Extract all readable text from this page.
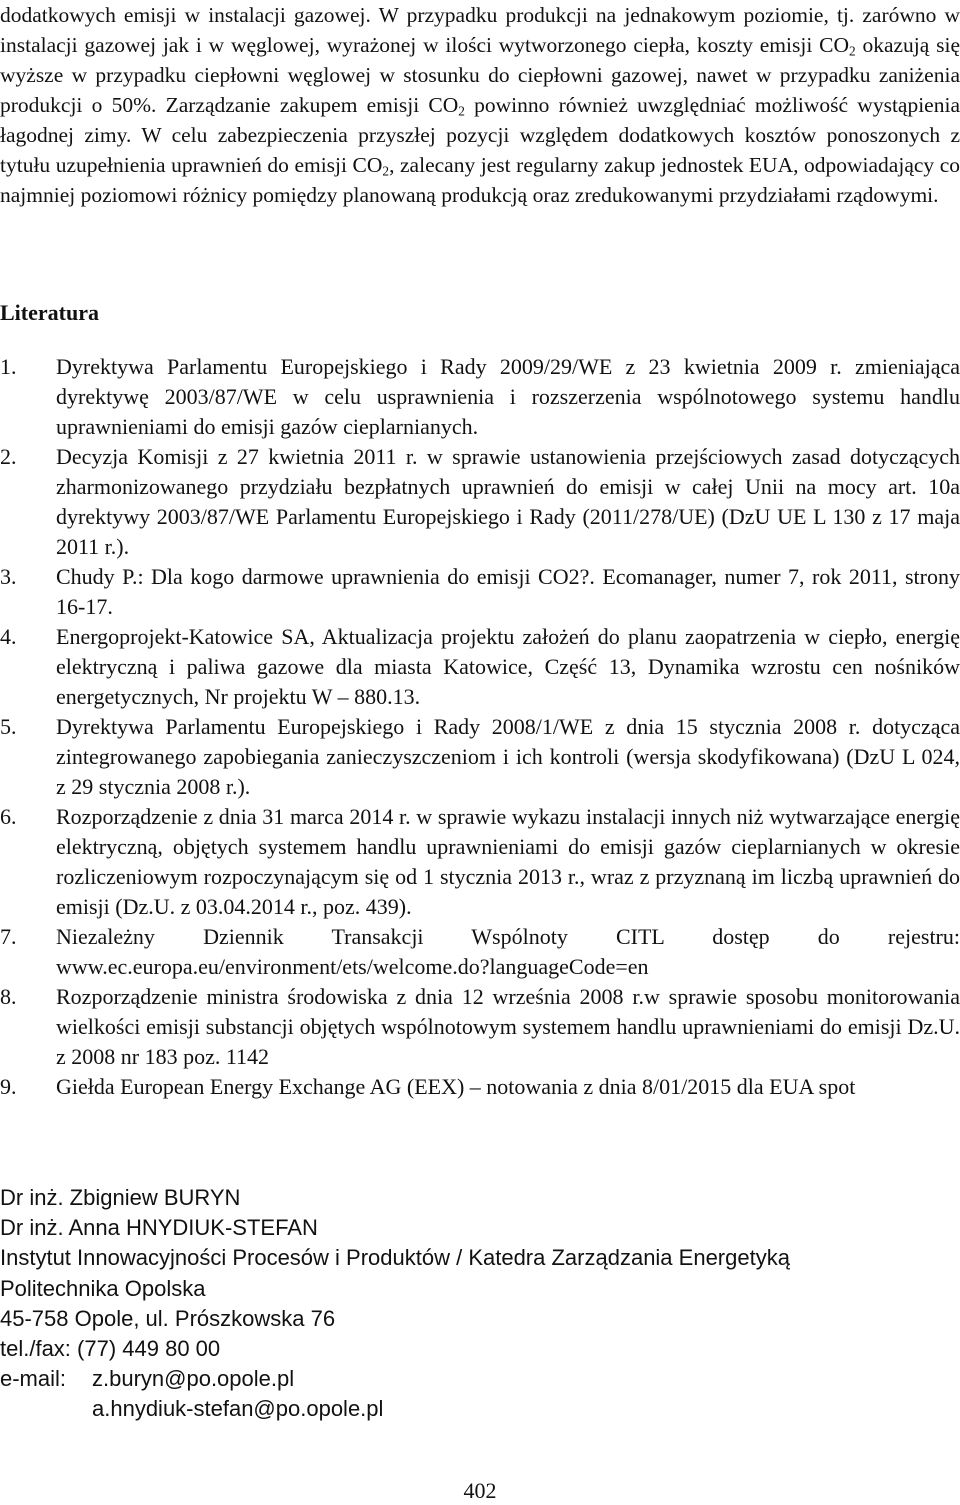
dodatkowych emisji w instalacji gazowej. W przypadku produkcji na jednakowym poziomie, tj. zarówno w instalacji gazowej jak i w węglowej, wyrażonej w ilości wytworzonego ciepła, koszty emisji $CO_2$ okazują się wyższe w przypadku ciepłowni węglowej w stosunku do ciepłowni gazowej, nawet w przypadku zaniżenia produkcji o 50%. Zarządzanie zakupem emisji $CO_2$ powinno również uwzględniać możliwość wystąpienia łagodnej zimy. W celu zabezpieczenia przyszłej pozycji względem dodatkowych kosztów ponoszonych z tytułu uzupełnienia uprawnień do emisji $CO_2$, zalecany jest regularny zakup jednostek EUA, odpowiadający co najmniej poziomowi różnicy pomiędzy planowaną produkcją oraz zredukowanymi przydziałami rządowymi.

Literatura
1.	Dyrektywa Parlamentu Europejskiego i Rady 2009/29/WE z 23 kwietnia 2009 r. zmieniająca dyrektywę 2003/87/WE w celu usprawnienia i rozszerzenia wspólnotowego systemu handlu uprawnieniami do emisji gazów cieplarnianych.
2.	Decyzja Komisji z 27 kwietnia 2011 r. w sprawie ustanowienia przejściowych zasad dotyczących zharmonizowanego przydziału bezpłatnych uprawnień do emisji w całej Unii na mocy art. 10a dyrektywy 2003/87/WE Parlamentu Europejskiego i Rady (2011/278/UE) (DzU UE L 130 z 17 maja 2011 r.).
3.	Chudy P.: Dla kogo darmowe uprawnienia do emisji CO2?. Ecomanager, numer 7, rok 2011, strony 16-17.
4.	Energoprojekt-Katowice SA, Aktualizacja projektu założeń do planu zaopatrzenia w ciepło, energię elektryczną i paliwa gazowe dla miasta Katowice, Część 13, Dynamika wzrostu cen nośników energetycznych, Nr projektu W – 880.13.
5.	Dyrektywa Parlamentu Europejskiego i Rady 2008/1/WE z dnia 15 stycznia 2008 r. dotycząca zintegrowanego zapobiegania zanieczyszczeniom i ich kontroli (wersja skodyfikowana) (DzU L 024, z 29 stycznia 2008 r.).
6.	Rozporządzenie z dnia 31 marca 2014 r. w sprawie wykazu instalacji innych niż wytwarzające energię elektryczną, objętych systemem handlu uprawnieniami do emisji gazów cieplarnianych w okresie rozliczeniowym rozpoczynającym się od 1 stycznia 2013 r., wraz z przyznaną im liczbą uprawnień do emisji (Dz.U. z 03.04.2014 r., poz. 439).
7.	Niezależny Dziennik Transakcji Wspólnoty CITL dostęp do rejestru: www.ec.europa.eu/environment/ets/welcome.do?languageCode=en
8.	Rozporządzenie ministra środowiska z dnia 12 września 2008 r.w sprawie sposobu monitorowania wielkości emisji substancji objętych wspólnotowym systemem handlu uprawnieniami do emisji Dz.U. z 2008 nr 183 poz. 1142
9.	Giełda European Energy Exchange AG (EEX) – notowania z dnia 8/01/2015 dla EUA spot
Dr inż. Zbigniew BURYN
Dr inż. Anna HNYDIUK-STEFAN
Instytut Innowacyjności Procesów i Produktów / Katedra Zarządzania Energetyką
Politechnika Opolska
45-758 Opole, ul. Prószkowska 76
tel./fax: (77) 449 80 00
e-mail:	z.buryn@po.opole.pl
a.hnydiuk-stefan@po.opole.pl
402
